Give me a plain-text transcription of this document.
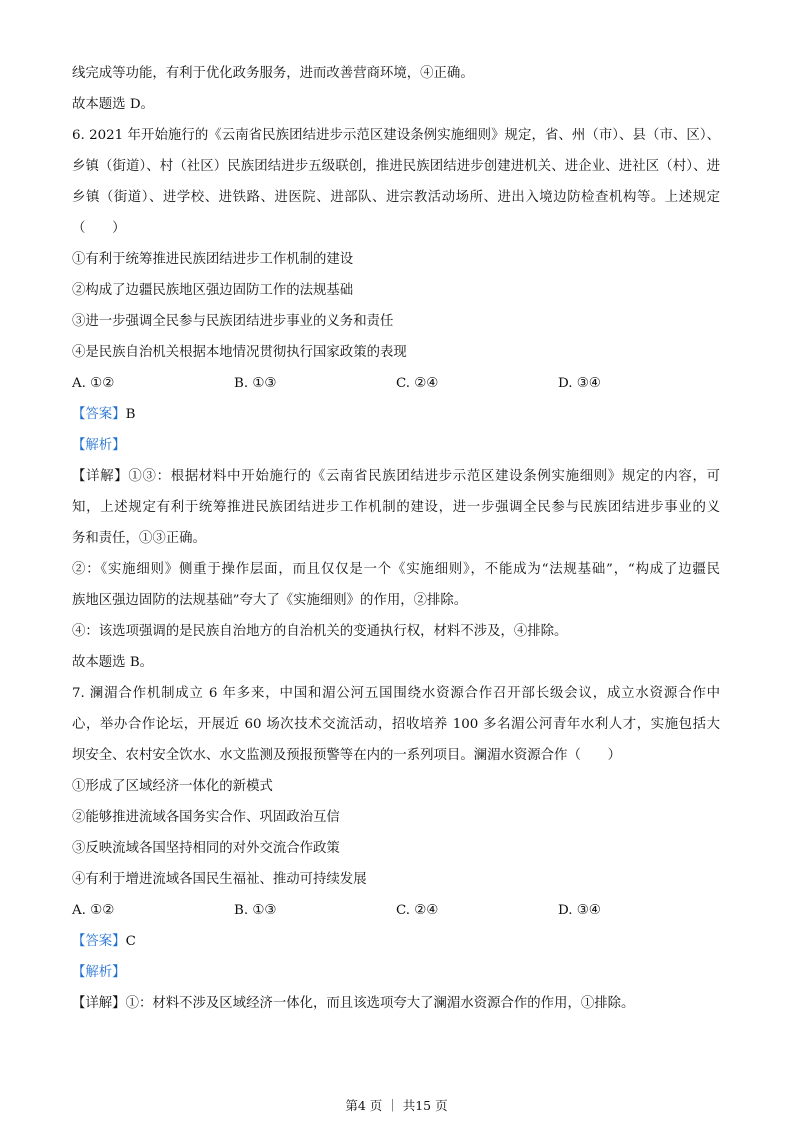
线完成等功能，有利于优化政务服务，进而改善营商环境，④正确。
故本题选 D。
6. 2021 年开始施行的《云南省民族团结进步示范区建设条例实施细则》规定，省、州（市）、县（市、区）、
乡镇（街道）、村（社区）民族团结进步五级联创，推进民族团结进步创建进机关、进企业、进社区（村）、进
乡镇（街道）、进学校、进铁路、进医院、进部队、进宗教活动场所、进出入境边防检查机构等。上述规定
（　　）
①有利于统筹推进民族团结进步工作机制的建设
②构成了边疆民族地区强边固防工作的法规基础
③进一步强调全民参与民族团结进步事业的义务和责任
④是民族自治机关根据本地情况贯彻执行国家政策的表现
A. ①②	B. ①③	C. ②④	D. ③④
【答案】B
【解析】
【详解】①③：根据材料中开始施行的《云南省民族团结进步示范区建设条例实施细则》规定的内容，可
知，上述规定有利于统筹推进民族团结进步工作机制的建设，进一步强调全民参与民族团结进步事业的义
务和责任，①③正确。
②：《实施细则》侧重于操作层面，而且仅仅是一个《实施细则》，不能成为“法规基础”，“构成了边疆民
族地区强边固防的法规基础”夸大了《实施细则》的作用，②排除。
④：该选项强调的是民族自治地方的自治机关的变通执行权，材料不涉及，④排除。
故本题选 B。
7. 澜湄合作机制成立 6 年多来，中国和湄公河五国围绕水资源合作召开部长级会议，成立水资源合作中
心，举办合作论坛，开展近 60 场次技术交流活动，招收培养 100 多名湄公河青年水利人才，实施包括大
坝安全、农村安全饮水、水文监测及预报预警等在内的一系列项目。澜湄水资源合作（　　）
①形成了区域经济一体化的新模式
②能够推进流域各国务实合作、巩固政治互信
③反映流域各国坚持相同的对外交流合作政策
④有利于增进流域各国民生福祉、推动可持续发展
A. ①②	B. ①③	C. ②④	D. ③④
【答案】C
【解析】
【详解】①：材料不涉及区域经济一体化，而且该选项夸大了澜湄水资源合作的作用，①排除。
第4 页 ｜ 共15 页
